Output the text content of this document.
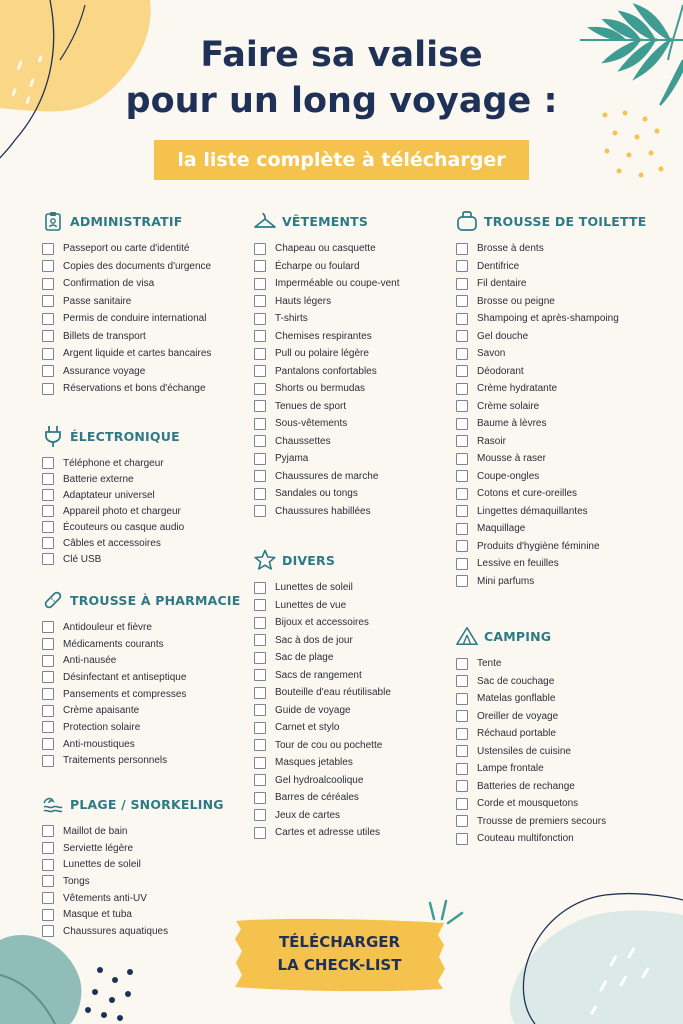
Faire sa valise
pour un long voyage :
la liste complète à télécharger
ADMINISTRATIF
Passeport ou carte d'identité
Copies des documents d'urgence
Confirmation de visa
Passe sanitaire
Permis de conduire international
Billets de transport
Argent liquide et cartes bancaires
Assurance voyage
Réservations et bons d'échange
ÉLECTRONIQUE
Téléphone et chargeur
Batterie externe
Adaptateur universel
Appareil photo et chargeur
Écouteurs ou casque audio
Câbles et accessoires
Clé USB
TROUSSE À PHARMACIE
Antidouleur et fièvre
Médicaments courants
Anti-nausée
Désinfectant et antiseptique
Pansements et compresses
Crème apaisante
Protection solaire
Anti-moustiques
Traitements personnels
PLAGE / SNORKELING
Maillot de bain
Serviette légère
Lunettes de soleil
Tongs
Vêtements anti-UV
Masque et tuba
Chaussures aquatiques
VÊTEMENTS
Chapeau ou casquette
Écharpe ou foulard
Imperméable ou coupe-vent
Hauts légers
T-shirts
Chemises respirantes
Pull ou polaire légère
Pantalons confortables
Shorts ou bermudas
Tenues de sport
Sous-vêtements
Chaussettes
Pyjama
Chaussures de marche
Sandales ou tongs
Chaussures habillées
DIVERS
Lunettes de soleil
Lunettes de vue
Bijoux et accessoires
Sac à dos de jour
Sac de plage
Sacs de rangement
Bouteille d'eau réutilisable
Guide de voyage
Carnet et stylo
Tour de cou ou pochette
Masques jetables
Gel hydroalcoolique
Barres de céréales
Jeux de cartes
Cartes et adresse utiles
TROUSSE DE TOILETTE
Brosse à dents
Dentifrice
Fil dentaire
Brosse ou peigne
Shampoing et après-shampoing
Gel douche
Savon
Déodorant
Crème hydratante
Crème solaire
Baume à lèvres
Rasoir
Mousse à raser
Coupe-ongles
Cotons et cure-oreilles
Lingettes démaquillantes
Maquillage
Produits d'hygiène féminine
Lessive en feuilles
Mini parfums
CAMPING
Tente
Sac de couchage
Matelas gonflable
Oreiller de voyage
Réchaud portable
Ustensiles de cuisine
Lampe frontale
Batteries de rechange
Corde et mousquetons
Trousse de premiers secours
Couteau multifonction
TÉLÉCHARGER
LA CHECK-LIST
